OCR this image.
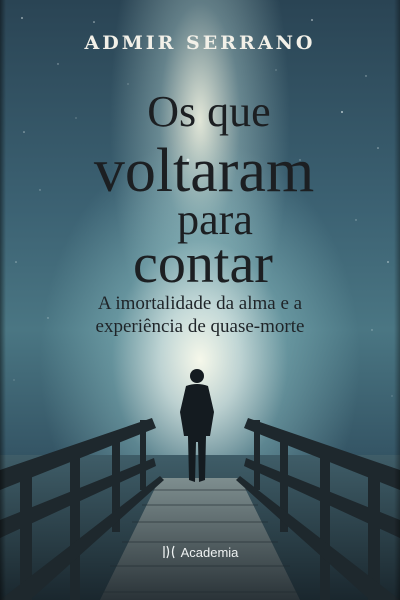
ADMIR SERRANO
Os que
voltaram
para
contar
A imortalidade da alma e a
experiência de quase-morte
Academia
